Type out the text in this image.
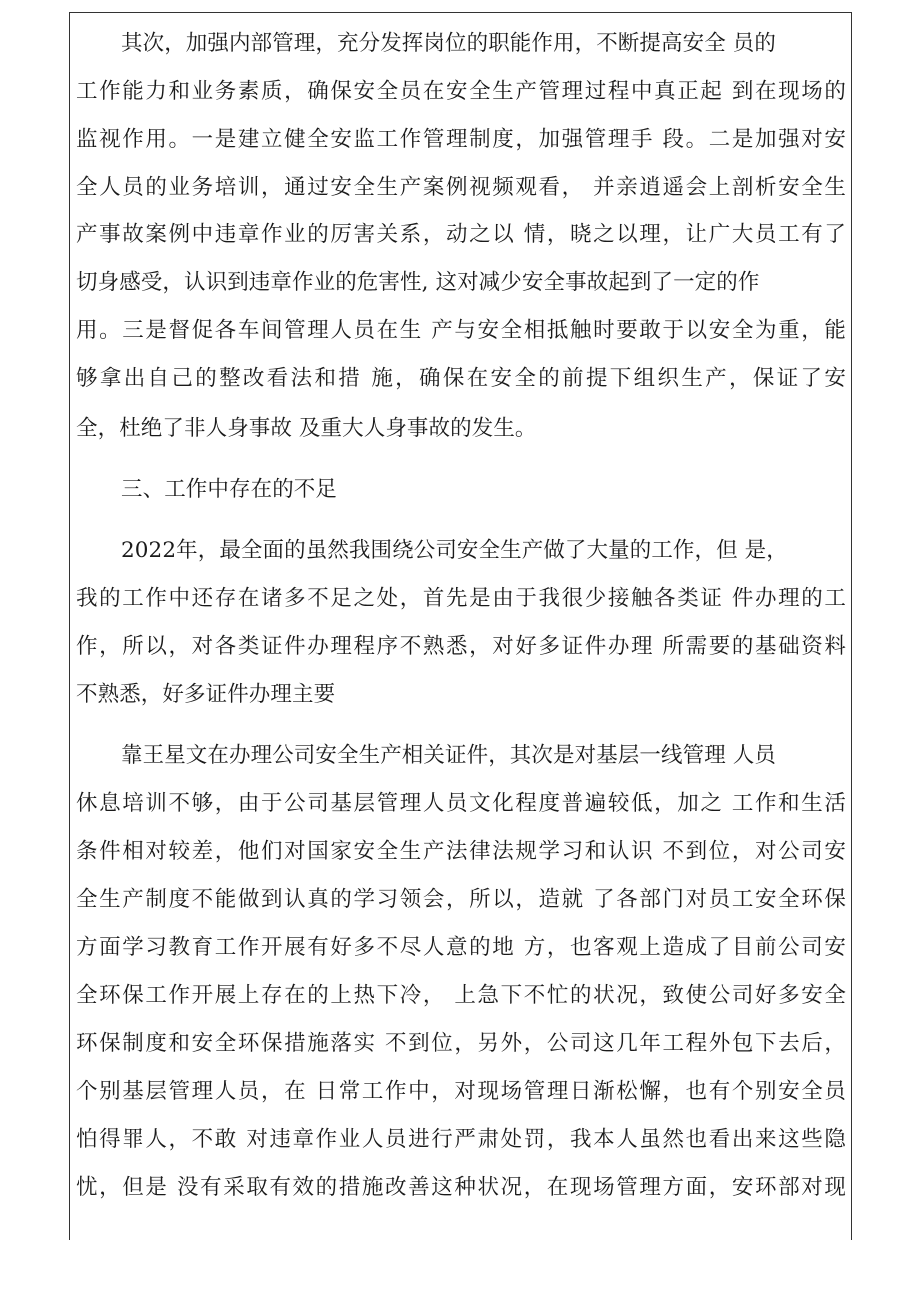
其次，加强内部管理，充分发挥岗位的职能作用，不断提高安全 员的
工作能力和业务素质，确保安全员在安全生产管理过程中真正起 到在现场的
监视作用。一是建立健全安监工作管理制度，加强管理手 段。二是加强对安
全人员的业务培训，通过安全生产案例视频观看， 并亲逍遥会上剖析安全生
产事故案例中违章作业的厉害关系，动之以 情，晓之以理，让广大员工有了
切身感受，认识到违章作业的危害性, 这对减少安全事故起到了一定的作
用。三是督促各车间管理人员在生 产与安全相抵触时要敢于以安全为重，能
够拿出自己的整改看法和措 施，确保在安全的前提下组织生产，保证了安
全，杜绝了非人身事故 及重大人身事故的发生。
三、工作中存在的不足
2022年，最全面的虽然我围绕公司安全生产做了大量的工作，但 是，
我的工作中还存在诸多不足之处，首先是由于我很少接触各类证 件办理的工
作，所以，对各类证件办理程序不熟悉，对好多证件办理 所需要的基础资料
不熟悉，好多证件办理主要
靠王星文在办理公司安全生产相关证件，其次是对基层一线管理 人员
休息培训不够，由于公司基层管理人员文化程度普遍较低，加之 工作和生活
条件相对较差，他们对国家安全生产法律法规学习和认识 不到位，对公司安
全生产制度不能做到认真的学习领会，所以，造就 了各部门对员工安全环保
方面学习教育工作开展有好多不尽人意的地 方，也客观上造成了目前公司安
全环保工作开展上存在的上热下冷， 上急下不忙的状况，致使公司好多安全
环保制度和安全环保措施落实 不到位，另外，公司这几年工程外包下去后，
个别基层管理人员，在 日常工作中，对现场管理日渐松懈，也有个别安全员
怕得罪人，不敢 对违章作业人员进行严肃处罚，我本人虽然也看出来这些隐
忧，但是 没有采取有效的措施改善这种状况，在现场管理方面，安环部对现
